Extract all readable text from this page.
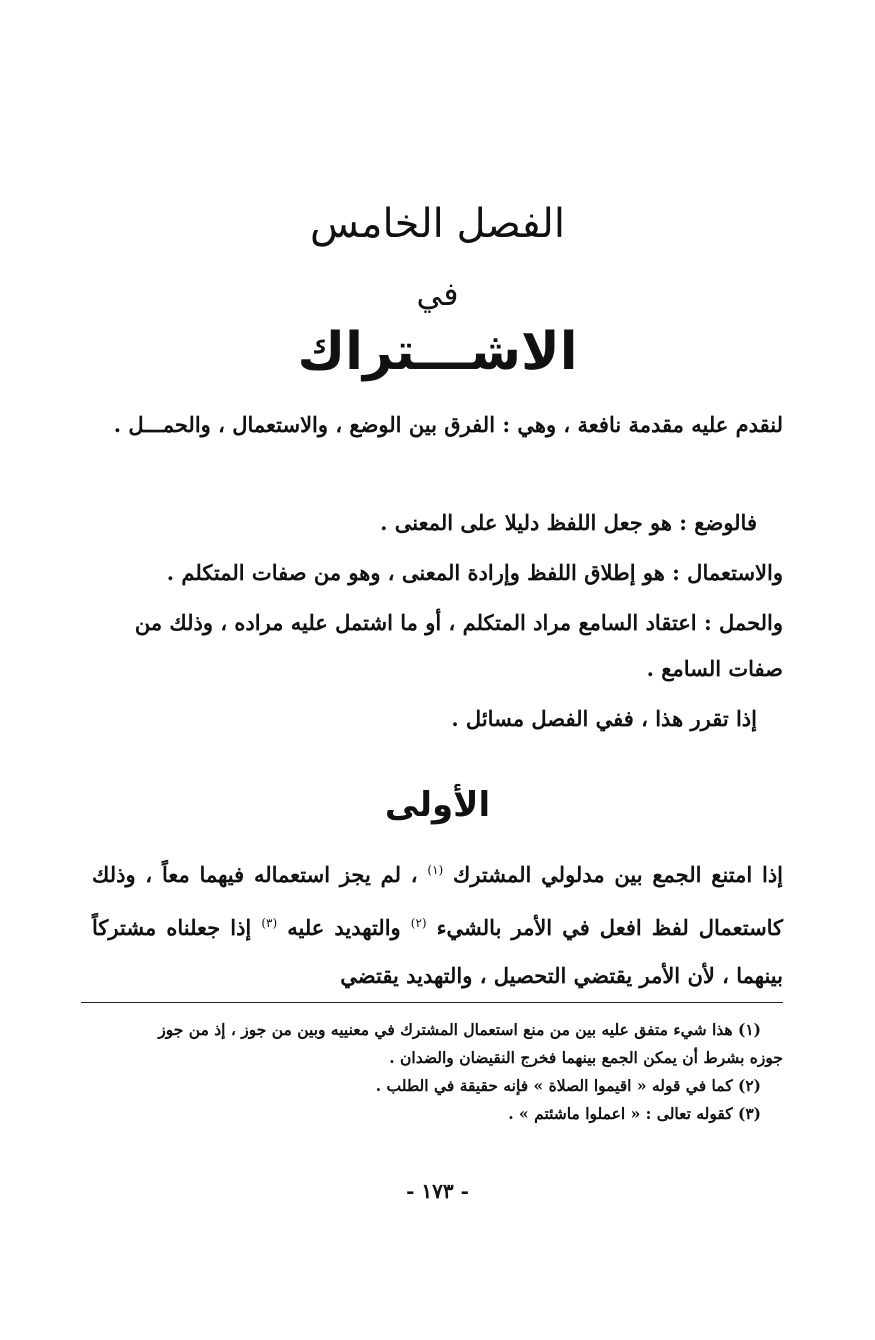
الفصل الخامس
في
الاشـــتراك
لنقدم عليه مقدمة نافعة ، وهي : الفرق بين الوضع ، والاستعمال ، والحمـــل .
فالوضع : هو جعل اللفظ دليلا على المعنى .
والاستعمال : هو إطلاق اللفظ وإرادة المعنى ، وهو من صفات المتكلم .
والحمل : اعتقاد السامع مراد المتكلم ، أو ما اشتمل عليه مراده ، وذلك من صفات السامع .
إذا تقرر هذا ، ففي الفصل مسائل .
الأولى
إذا امتنع الجمع بين مدلولي المشترك $^{(١)}$ ، لم يجز استعماله فيهما معاً ، وذلك كاستعمال لفظ افعل في الأمر بالشيء $^{(٢)}$ والتهديد عليه $^{(٣)}$ إذا جعلناه مشتركاً بينهما ، لأن الأمر يقتضي التحصيل ، والتهديد يقتضي

(١) هذا شيء متفق عليه بين من منع استعمال المشترك في معنييه وبين من جوز ، إذ من جوز جوزه بشرط أن يمكن الجمع بينهما فخرج النقيضان والضدان .

(٢) كما في قوله « اقيموا الصلاة » فإنه حقيقة في الطلب .

(٣) كقوله تعالى : « اعملوا ماشئتم » .

- ١٧٣ -
